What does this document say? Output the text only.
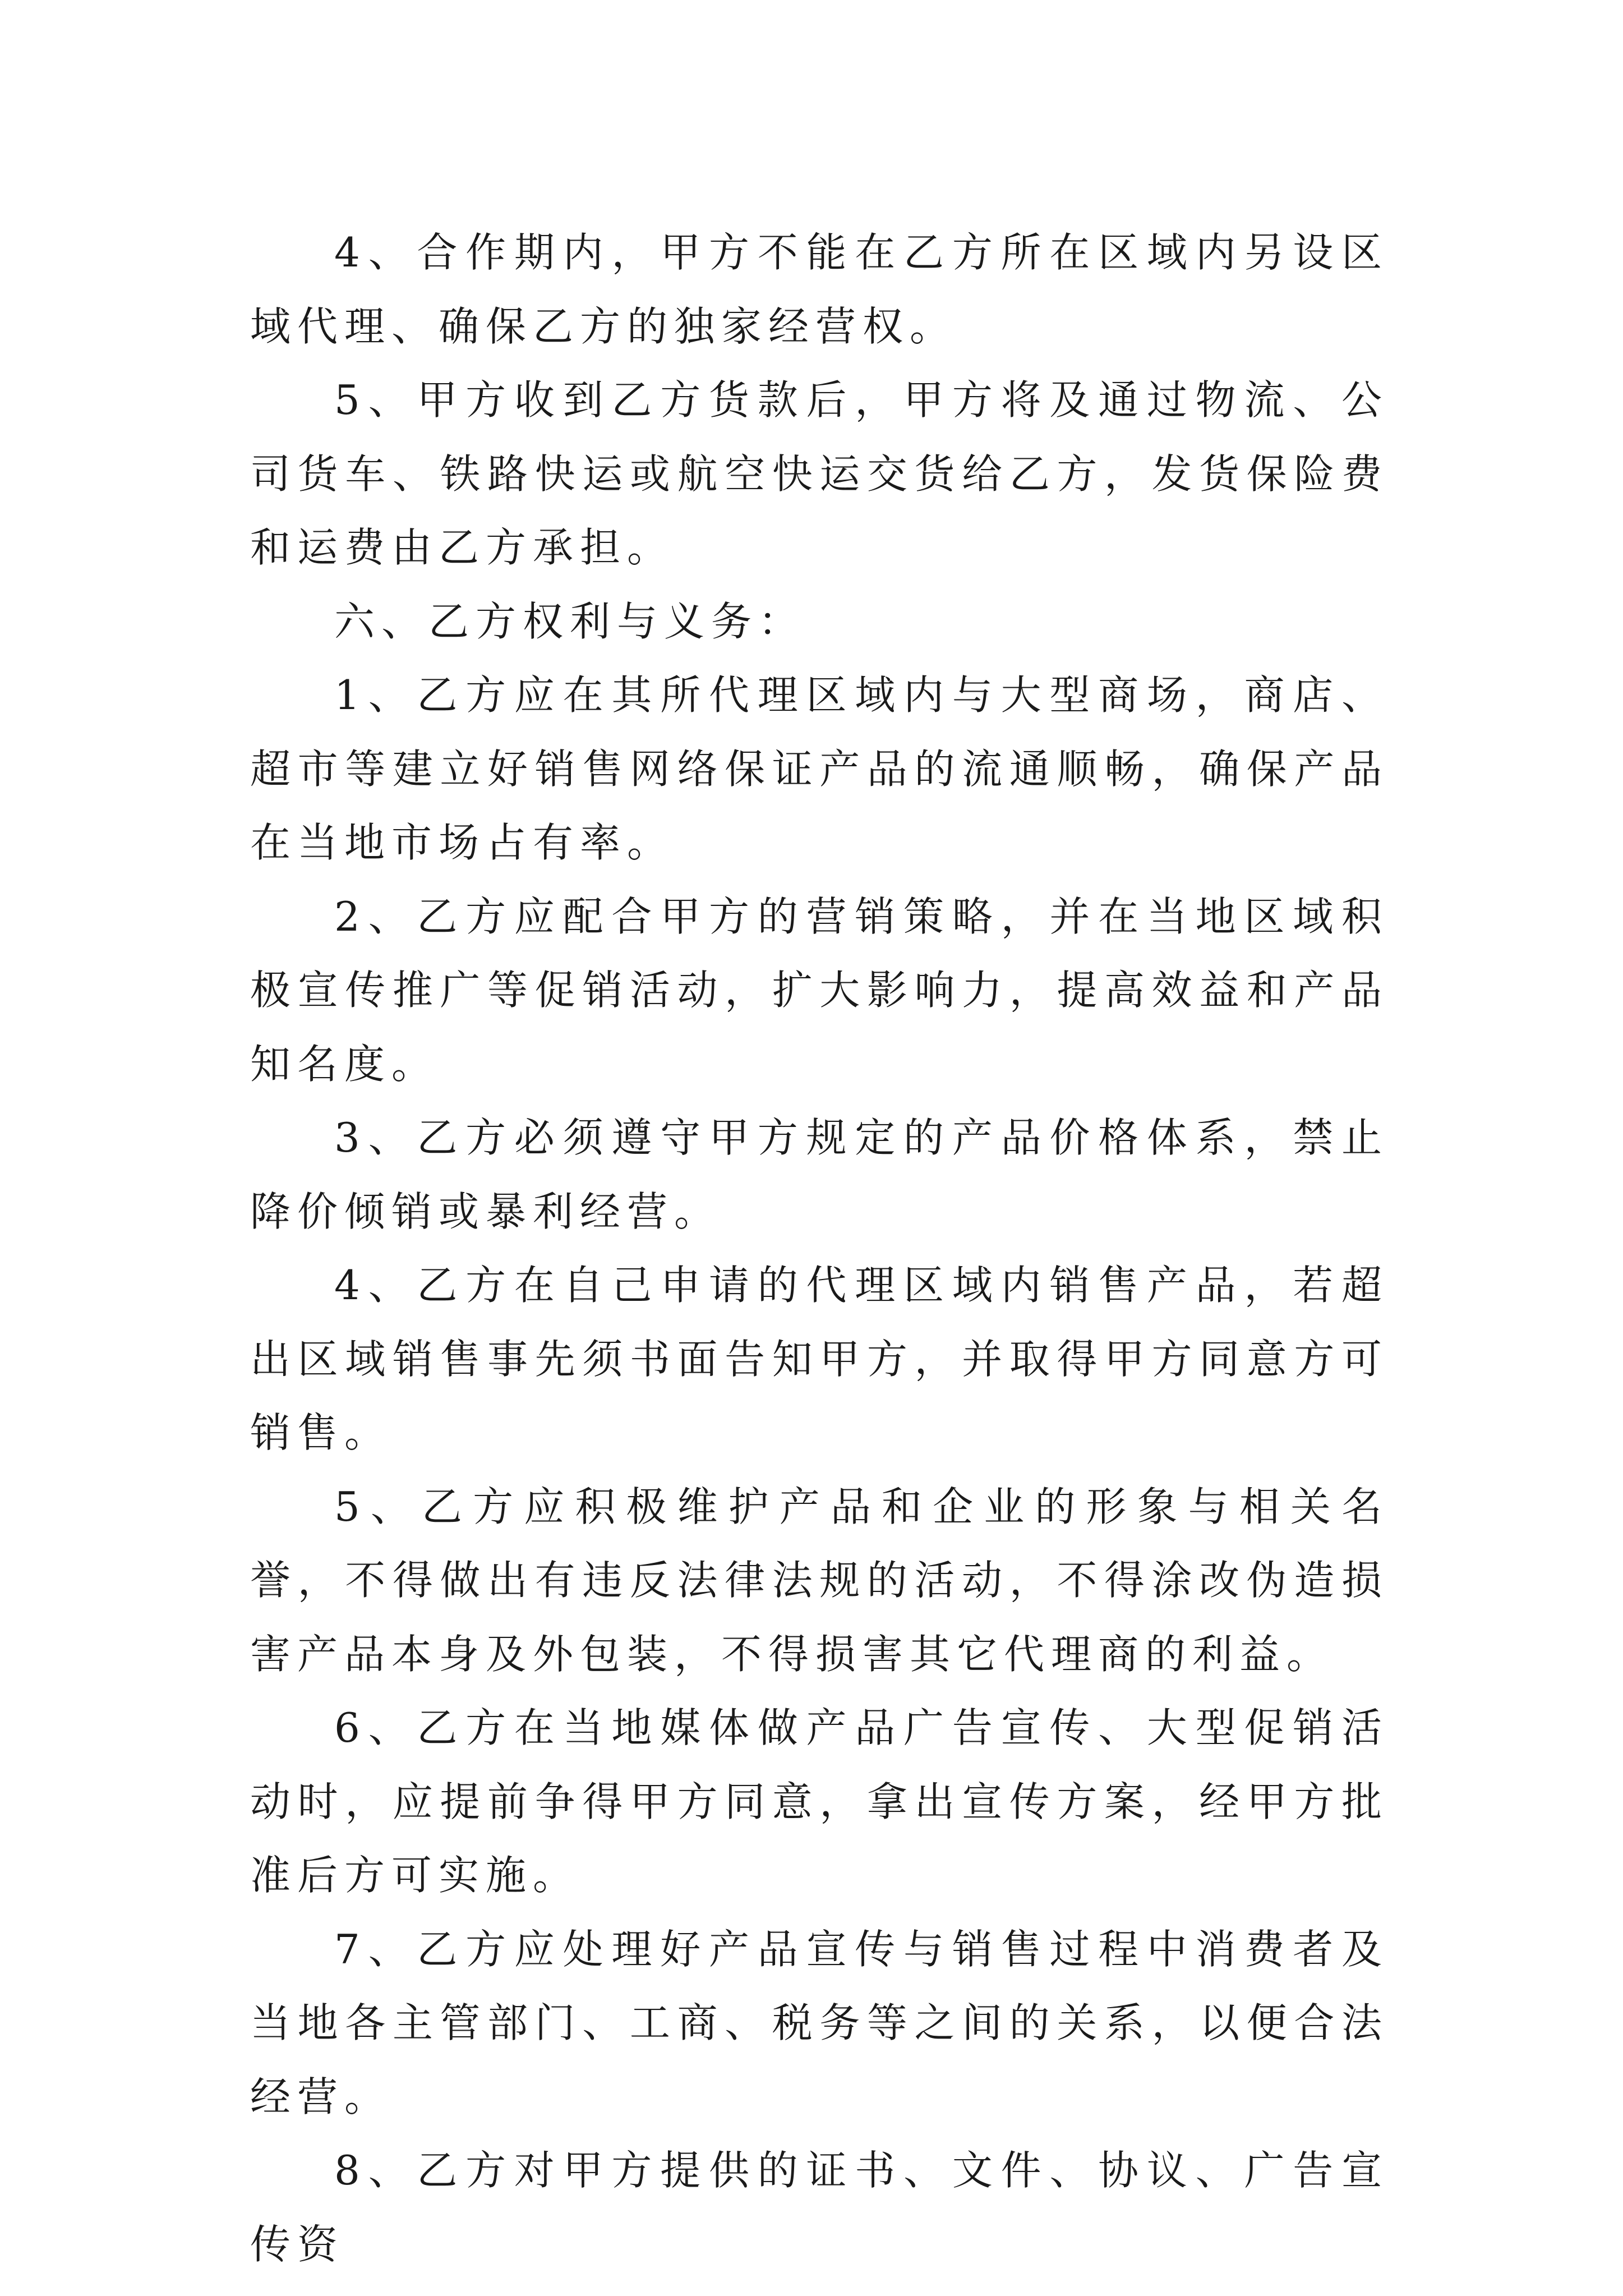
4、合作期内，甲方不能在乙方所在区域内另设区域代理、确保乙方的独家经营权。

5、甲方收到乙方货款后，甲方将及通过物流、公司货车、铁路快运或航空快运交货给乙方，发货保险费和运费由乙方承担。

六、乙方权利与义务：

1、乙方应在其所代理区域内与大型商场，商店、超市等建立好销售网络保证产品的流通顺畅，确保产品在当地市场占有率。

2、乙方应配合甲方的营销策略，并在当地区域积极宣传推广等促销活动，扩大影响力，提高效益和产品知名度。

3、乙方必须遵守甲方规定的产品价格体系，禁止降价倾销或暴利经营。

4、乙方在自己申请的代理区域内销售产品，若超出区域销售事先须书面告知甲方，并取得甲方同意方可销售。

5、乙方应积极维护产品和企业的形象与相关名誉，不得做出有违反法律法规的活动，不得涂改伪造损害产品本身及外包装，不得损害其它代理商的利益。

6、乙方在当地媒体做产品广告宣传、大型促销活动时，应提前争得甲方同意，拿出宣传方案，经甲方批准后方可实施。

7、乙方应处理好产品宣传与销售过程中消费者及当地各主管部门、工商、税务等之间的关系，以便合法经营。

8、乙方对甲方提供的证书、文件、协议、广告宣传资
